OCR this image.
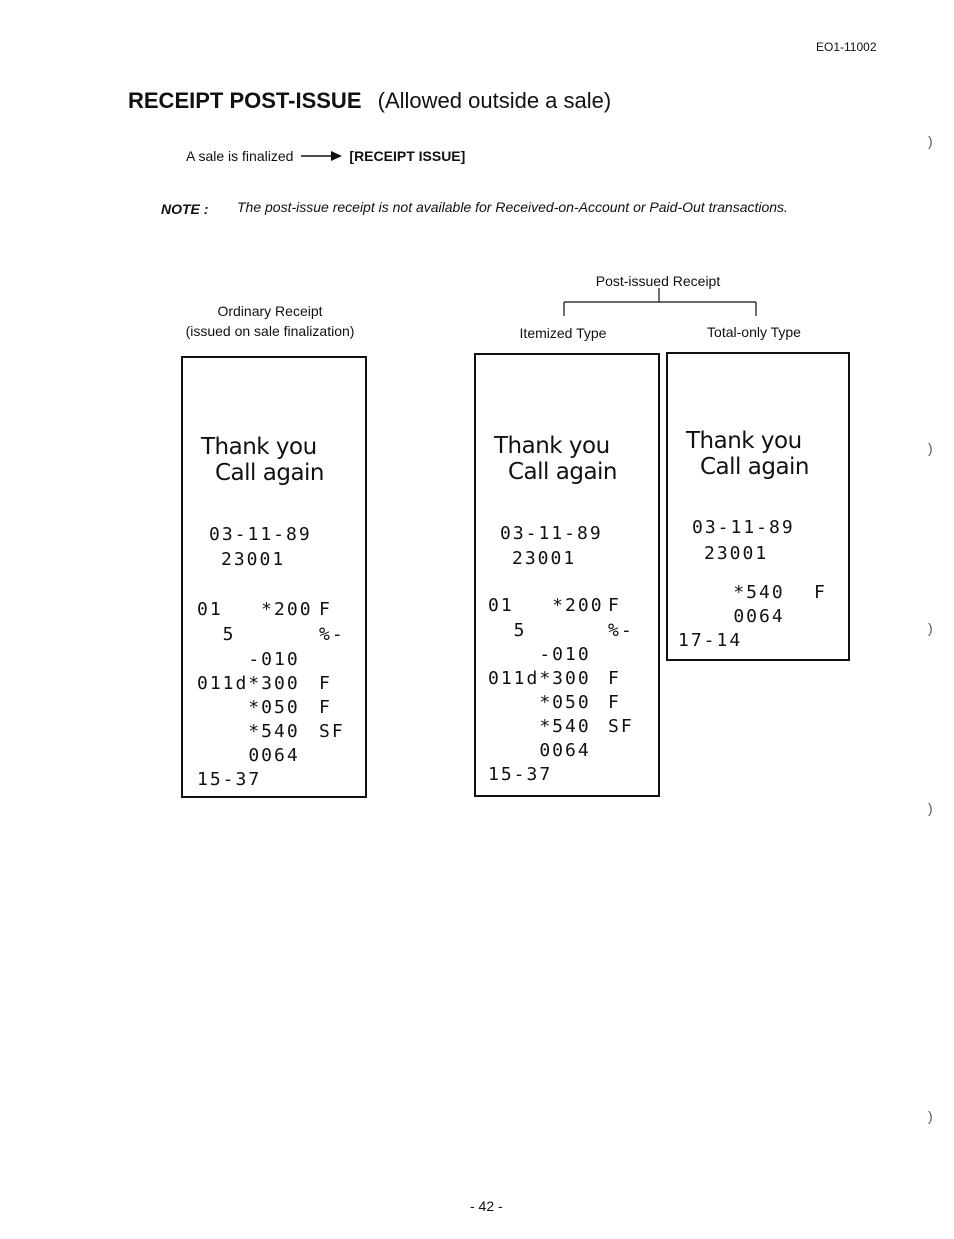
EO1-11002
RECEIPT POST-ISSUE (Allowed outside a sale)
A sale is finalized	[RECEIPT ISSUE]
NOTE : The post-issue receipt is not available for Received-on-Account or Paid-Out transactions.
Ordinary Receipt
(issued on sale finalization)
Post-issued Receipt
Itemized Type	Total-only Type
Thank you
Call again
03-11-89
23001
01   *200 F
5	%-
-010
011d*300 F
*050 F
*540 SF
0064
15-37
Thank you
Call again
03-11-89
23001
01   *200 F
5	%-
-010
011d*300 F
*050 F
*540 SF
0064
15-37
Thank you
Call again
03-11-89
23001
*540 F
0064
17-14
)
)
)
)
)
- 42 -
